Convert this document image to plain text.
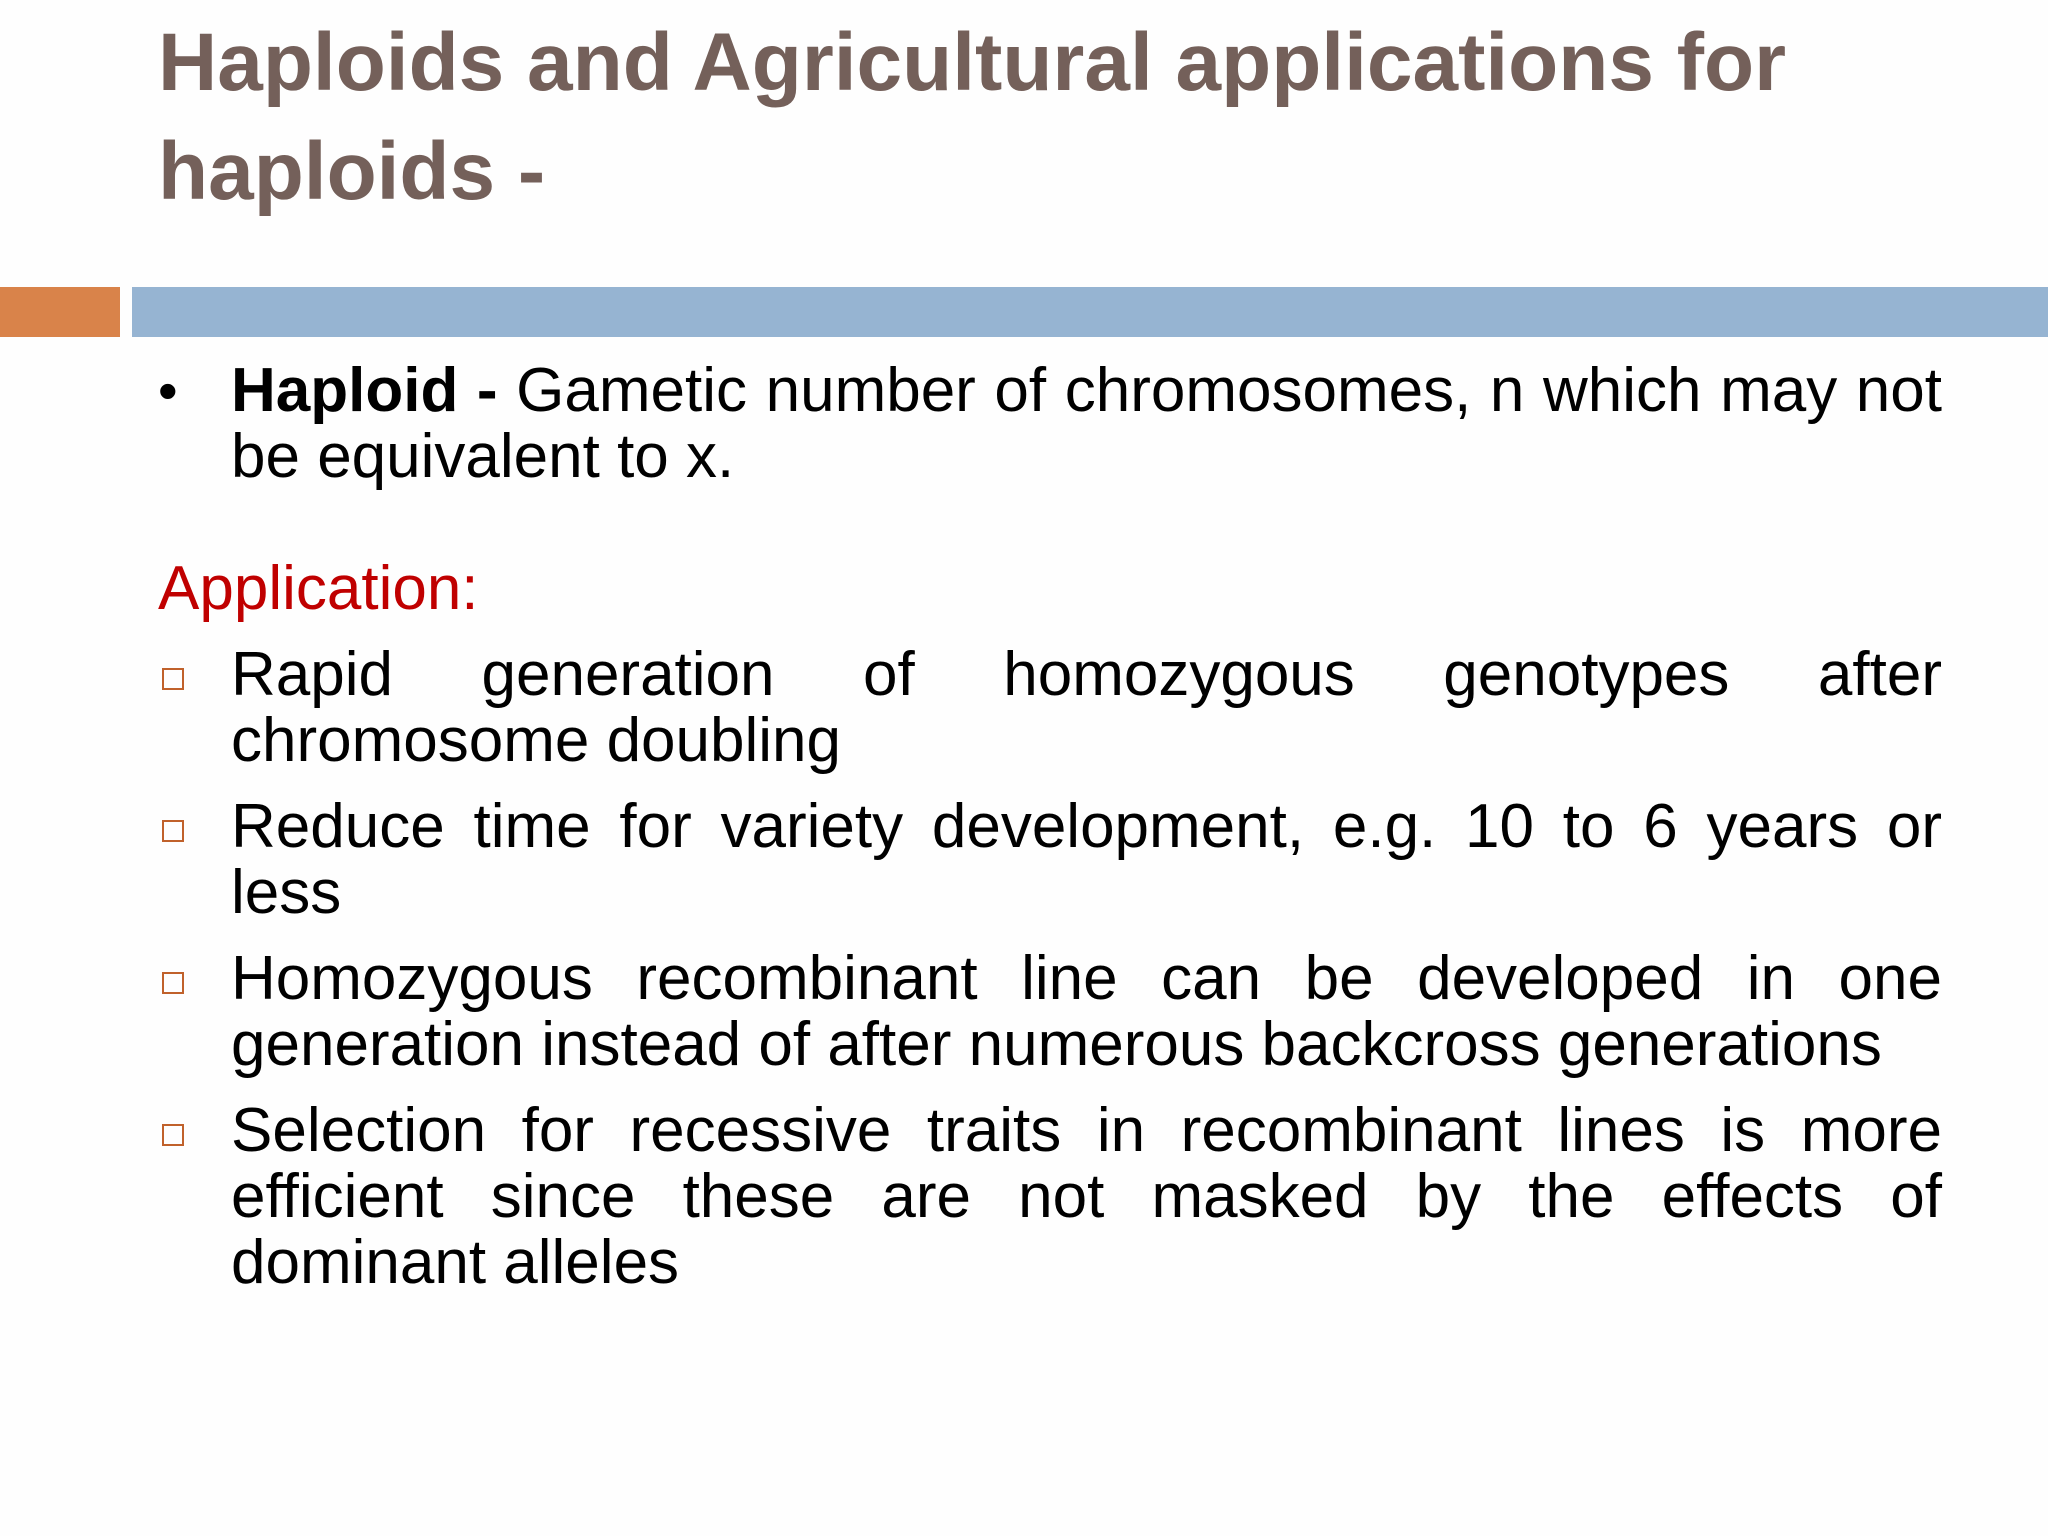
Haploids and Agricultural applications for haploids -
• Haploid - Gametic number of chromosomes, n which may not be equivalent to x.
Application:
Rapid generation of homozygous genotypes after chromosome doubling
Reduce time for variety development, e.g. 10 to 6 years or less
Homozygous recombinant line can be developed in one generation instead of after numerous backcross generations
Selection for recessive traits in recombinant lines is more efficient since these are not masked by the effects of dominant alleles
